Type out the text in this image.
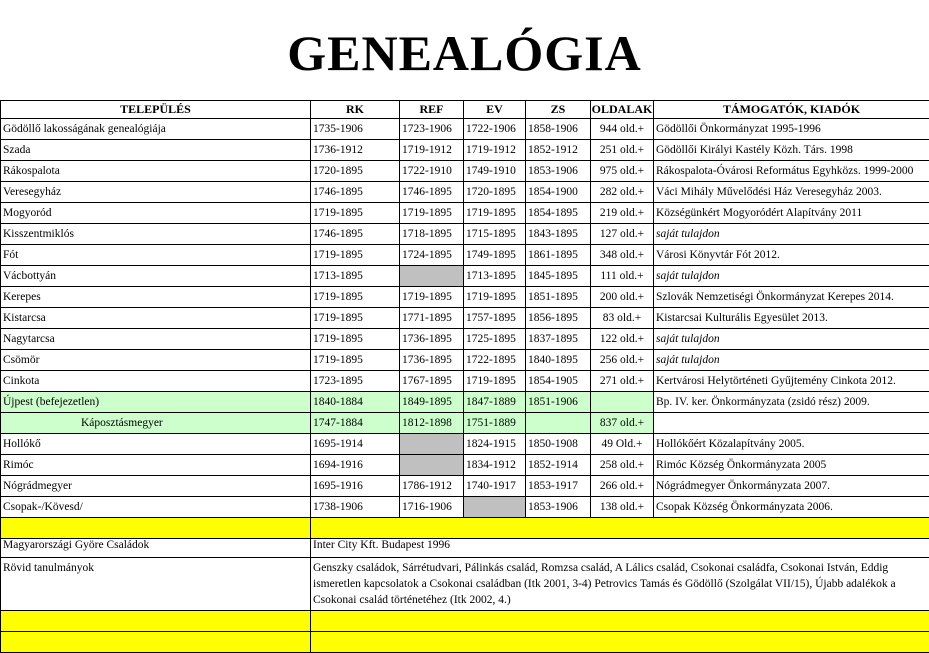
GENEALÓGIA
TELEPÜLÉS	RK	REF	EV	ZS	OLDALAK	TÁMOGATÓK, KIADÓK
Gödöllő lakosságának genealógiája	1735-1906	1723-1906	1722-1906	1858-1906	944 old.+	Gödöllői Önkormányzat 1995-1996
Szada	1736-1912	1719-1912	1719-1912	1852-1912	251 old.+	Gödöllői Királyi Kastély Közh. Társ. 1998
Rákospalota	1720-1895	1722-1910	1749-1910	1853-1906	975 old.+	Rákospalota-Óvárosi Református Egyhközs. 1999-2000
Veresegyház	1746-1895	1746-1895	1720-1895	1854-1900	282 old.+	Váci Mihály Művelődési Ház Veresegyház 2003.
Mogyoród	1719-1895	1719-1895	1719-1895	1854-1895	219 old.+	Községünkért Mogyoródért Alapítvány 2011
Kisszentmiklós	1746-1895	1718-1895	1715-1895	1843-1895	127 old.+	saját tulajdon
Fót	1719-1895	1724-1895	1749-1895	1861-1895	348 old.+	Városi Könyvtár Fót 2012.
Vácbottyán	1713-1895		1713-1895	1845-1895	111 old.+	saját tulajdon
Kerepes	1719-1895	1719-1895	1719-1895	1851-1895	200 old.+	Szlovák Nemzetiségi Önkormányzat Kerepes 2014.
Kistarcsa	1719-1895	1771-1895	1757-1895	1856-1895	83 old.+	Kistarcsai Kulturális Egyesület 2013.
Nagytarcsa	1719-1895	1736-1895	1725-1895	1837-1895	122 old.+	saját tulajdon
Csömör	1719-1895	1736-1895	1722-1895	1840-1895	256 old.+	saját tulajdon
Cinkota	1723-1895	1767-1895	1719-1895	1854-1905	271 old.+	Kertvárosi Helytörténeti Gyűjtemény Cinkota 2012.
Újpest (befejezetlen)	1840-1884	1849-1895	1847-1889	1851-1906		Bp. IV. ker. Önkormányzata (zsidó rész) 2009.
Káposztásmegyer	1747-1884	1812-1898	1751-1889		837 old.+	
Hollókő	1695-1914		1824-1915	1850-1908	49 Old.+	Hollókőért Közalapítvány 2005.
Rimóc	1694-1916		1834-1912	1852-1914	258 old.+	Rimóc Község Önkormányzata 2005
Nógrádmegyer	1695-1916	1786-1912	1740-1917	1853-1917	266 old.+	Nógrádmegyer Önkormányzata 2007.
Csopak-/Kövesd/	1738-1906	1716-1906		1853-1906	138 old.+	Csopak Község Önkormányzata 2006.

Magyarországi Györe Családok	Inter City Kft. Budapest 1996					
Rövid tanulmányok	Genszky családok, Sárrétudvari, Pálinkás család, Romzsa család, A Lálics család, Csokonai családfa, Csokonai István, Eddig ismeretlen kapcsolatok a Csokonai családban (Itk 2001, 3-4) Petrovics Tamás és Gödöllő (Szolgálat VII/15), Újabb adalékok a Csokonai család történetéhez (Itk 2002, 4.)					
